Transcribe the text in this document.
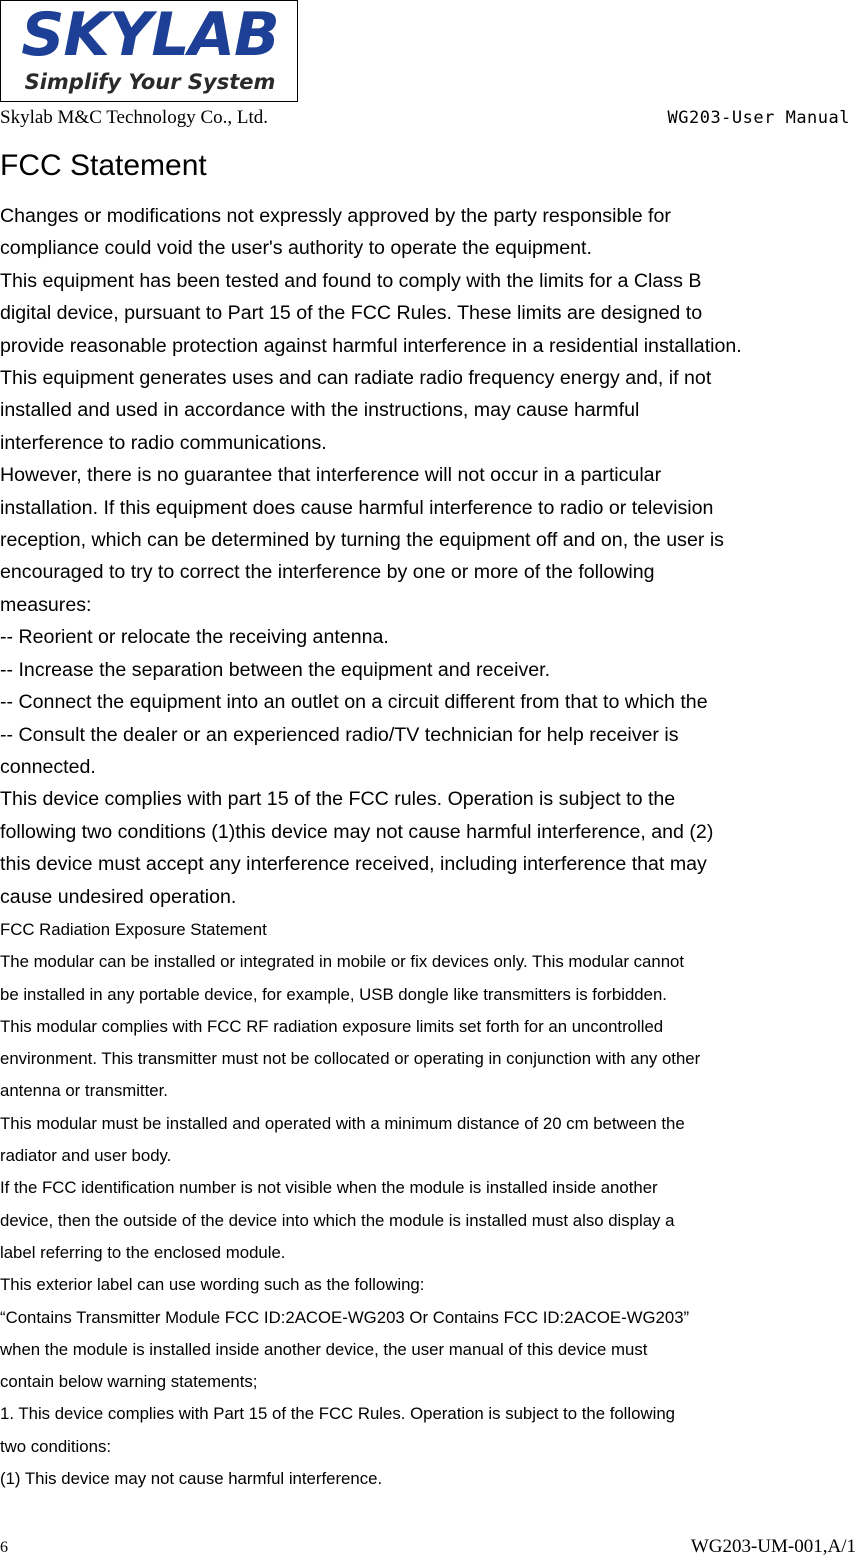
SKYLAB
Simplify Your System
Skylab M&C Technology Co., Ltd.	WG203-User Manual
FCC Statement

Changes or modifications not expressly approved by the party responsible for

compliance could void the user's authority to operate the equipment.

This equipment has been tested and found to comply with the limits for a Class B

digital device, pursuant to Part 15 of the FCC Rules. These limits are designed to

provide reasonable protection against harmful interference in a residential installation.

This equipment generates uses and can radiate radio frequency energy and, if not

installed and used in accordance with the instructions, may cause harmful

interference to radio communications.

However, there is no guarantee that interference will not occur in a particular

installation. If this equipment does cause harmful interference to radio or television

reception, which can be determined by turning the equipment off and on, the user is

encouraged to try to correct the interference by one or more of the following

measures:

-- Reorient or relocate the receiving antenna.

-- Increase the separation between the equipment and receiver.

-- Connect the equipment into an outlet on a circuit different from that to which the

-- Consult the dealer or an experienced radio/TV technician for help receiver is

connected.

This device complies with part 15 of the FCC rules. Operation is subject to the

following two conditions (1)this device may not cause harmful interference, and (2)

this device must accept any interference received, including interference that may

cause undesired operation.

FCC Radiation Exposure Statement

The modular can be installed or integrated in mobile or fix devices only. This modular cannot

be installed in any portable device, for example, USB dongle like transmitters is forbidden.

This modular complies with FCC RF radiation exposure limits set forth for an uncontrolled

environment. This transmitter must not be collocated or operating in conjunction with any other

antenna or transmitter.

This modular must be installed and operated with a minimum distance of 20 cm between the

radiator and user body.

If the FCC identification number is not visible when the module is installed inside another

device, then the outside of the device into which the module is installed must also display a

label referring to the enclosed module.

This exterior label can use wording such as the following:

“Contains Transmitter Module FCC ID:2ACOE-WG203 Or Contains FCC ID:2ACOE-WG203”

when the module is installed inside another device, the user manual of this device must

contain below warning statements;

1. This device complies with Part 15 of the FCC Rules. Operation is subject to the following

two conditions:

(1) This device may not cause harmful interference.

6	WG203-UM-001,A/1
